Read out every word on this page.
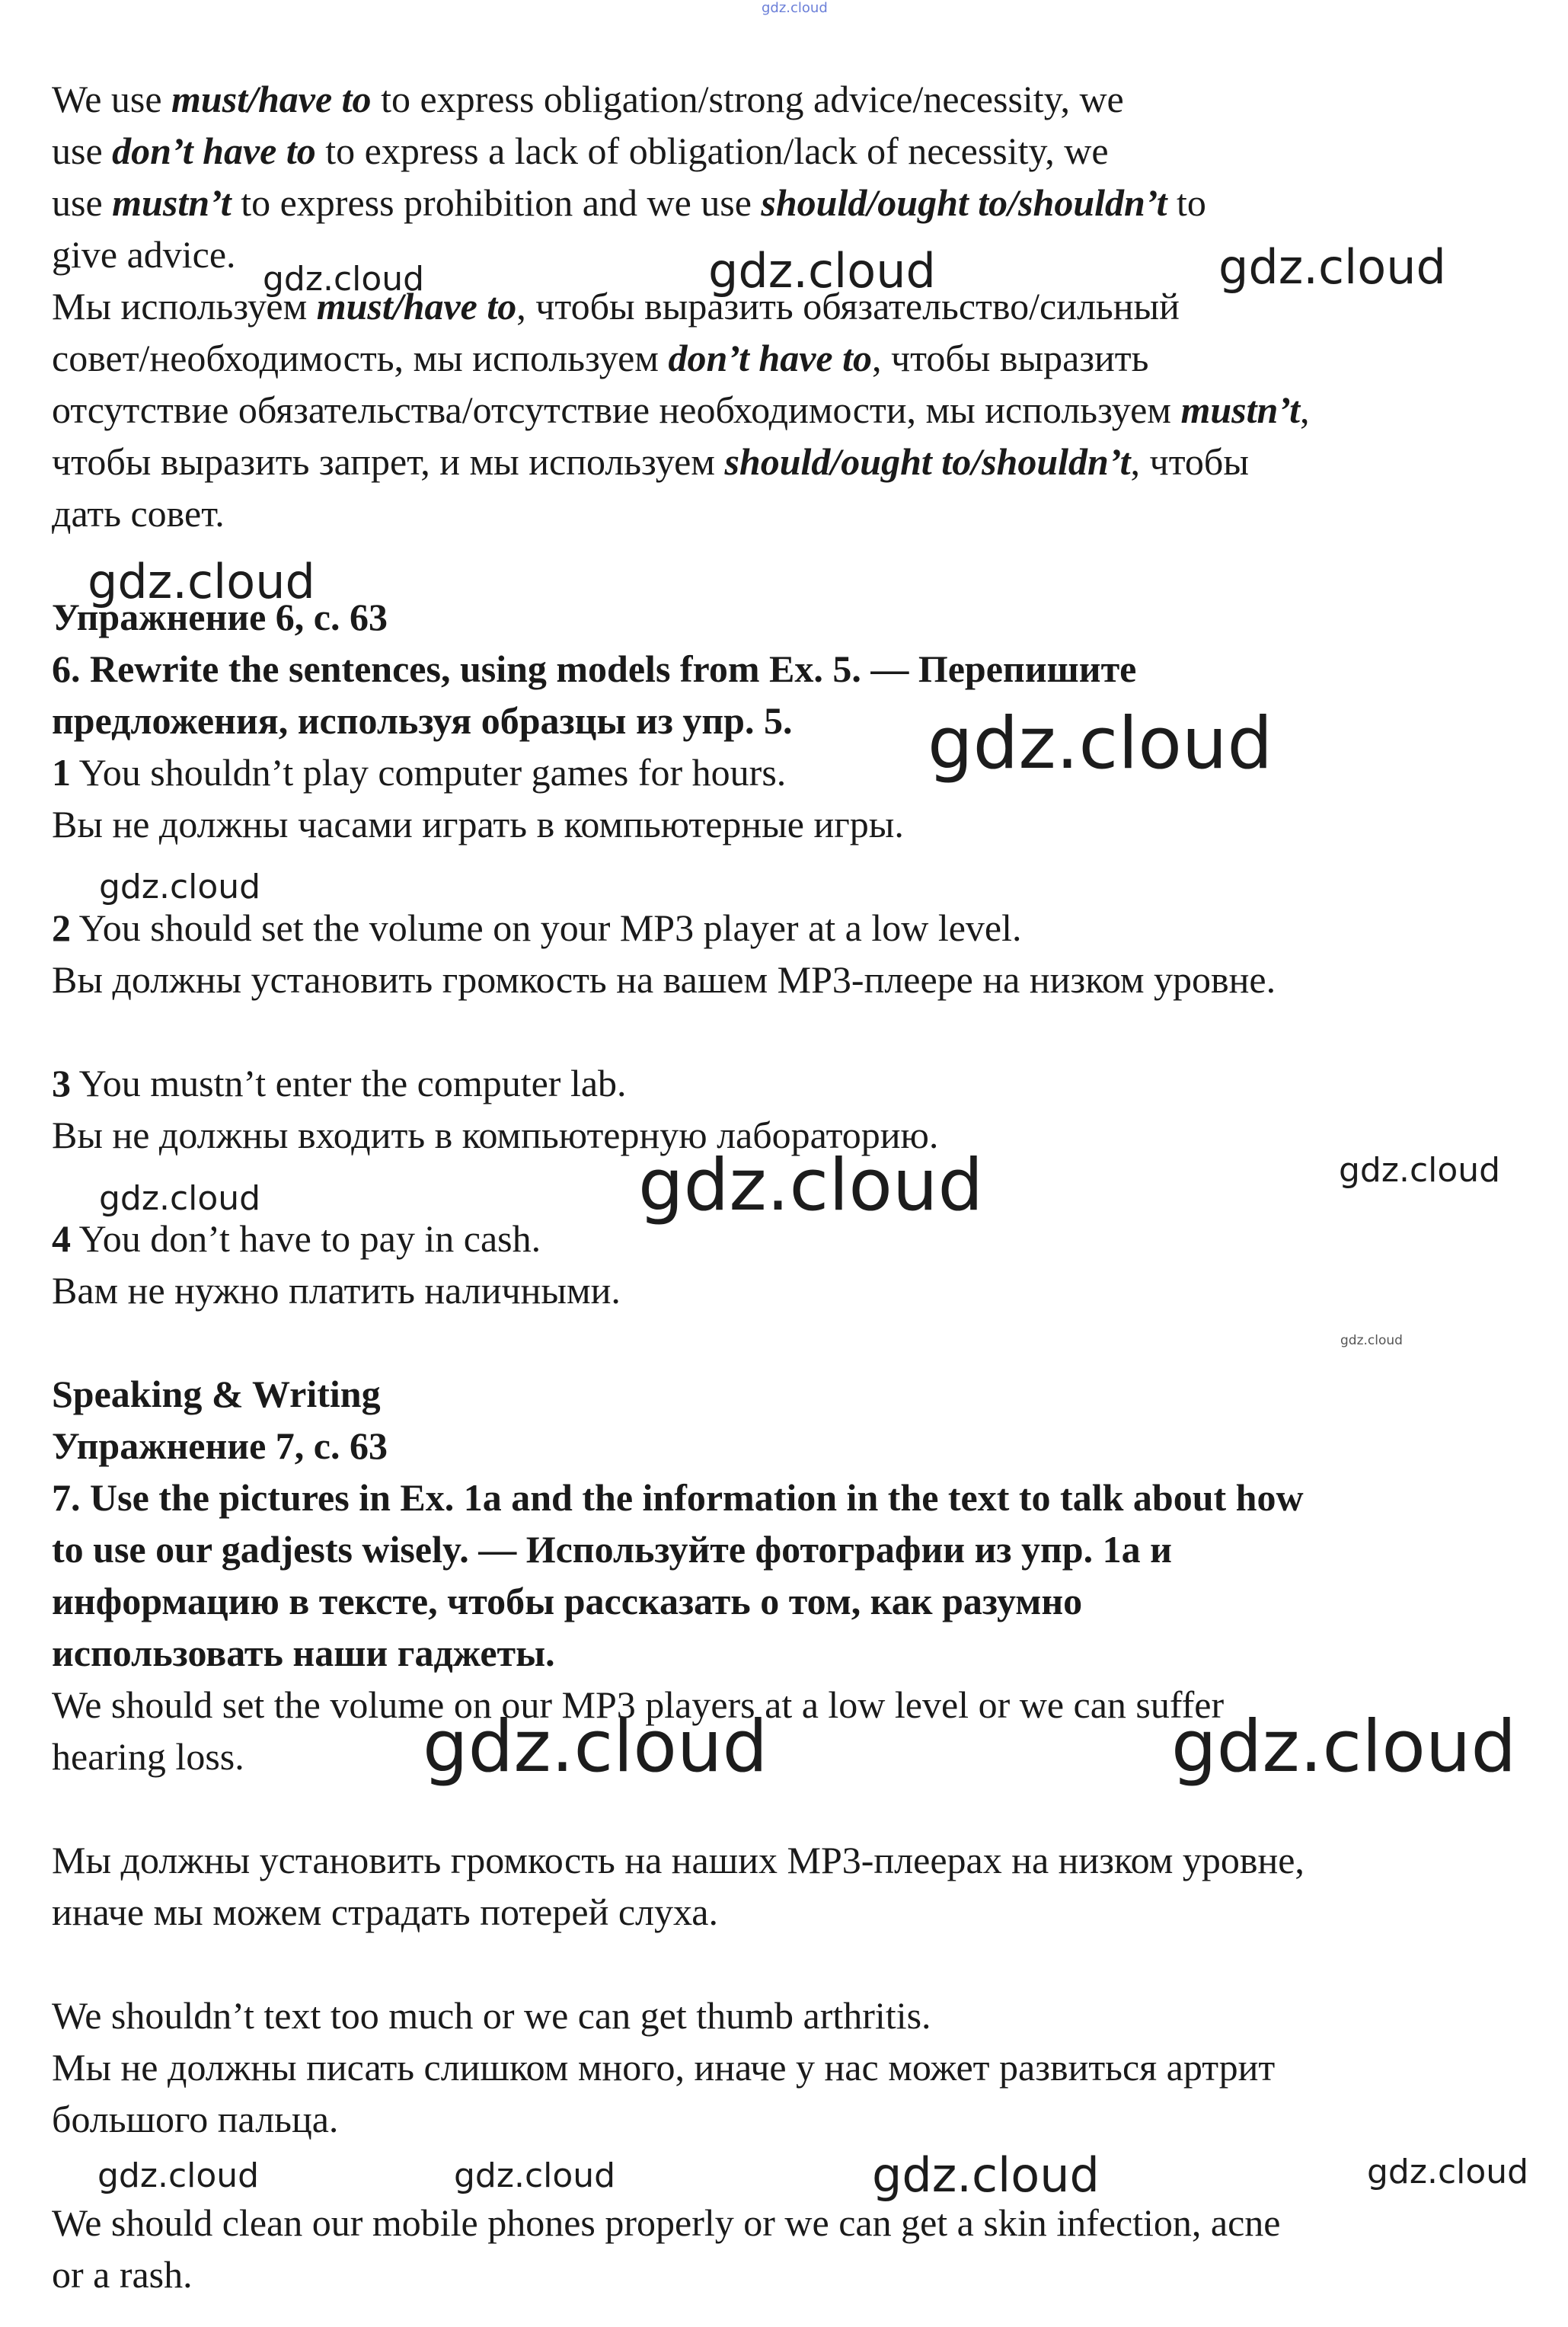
We use must/have to to express obligation/strong advice/necessity, we
use don’t have to to express a lack of obligation/lack of necessity, we
use mustn’t to express prohibition and we use should/ought to/shouldn’t to
give advice.
Мы используем must/have to, чтобы выразить обязательство/сильный
совет/необходимость, мы используем don’t have to, чтобы выразить
отсутствие обязательства/отсутствие необходимости, мы используем mustn’t,
чтобы выразить запрет, и мы используем should/ought to/shouldn’t, чтобы
дать совет.
Упражнение 6, с. 63
6. Rewrite the sentences, using models from Ex. 5. — Перепишите
предложения, используя образцы из упр. 5.
1 You shouldn’t play computer games for hours.
Вы не должны часами играть в компьютерные игры.
2 You should set the volume on your MP3 player at a low level.
Вы должны установить громкость на вашем MP3-плеере на низком уровне.
3 You mustn’t enter the computer lab.
Вы не должны входить в компьютерную лабораторию.
4 You don’t have to pay in cash.
Вам не нужно платить наличными.
Speaking & Writing
Упражнение 7, с. 63
7. Use the pictures in Ex. 1a and the information in the text to talk about how
to use our gadjests wisely. — Используйте фотографии из упр. 1а и
информацию в тексте, чтобы рассказать о том, как разумно
использовать наши гаджеты.
We should set the volume on our MP3 players at a low level or we can suffer
hearing loss.
Мы должны установить громкость на наших MP3-плеерах на низком уровне,
иначе мы можем страдать потерей слуха.
We shouldn’t text too much or we can get thumb arthritis.
Мы не должны писать слишком много, иначе у нас может развиться артрит
большого пальца.
We should clean our mobile phones properly or we can get a skin infection, acne
or a rash.
gdz.cloud
gdz.cloud	gdz.cloud	gdz.cloud
gdz.cloud
gdz.cloud
gdz.cloud
gdz.cloud	gdz.cloud	gdz.cloud
gdz.cloud
gdz.cloud	gdz.cloud
gdz.cloud	gdz.cloud	gdz.cloud	gdz.cloud
